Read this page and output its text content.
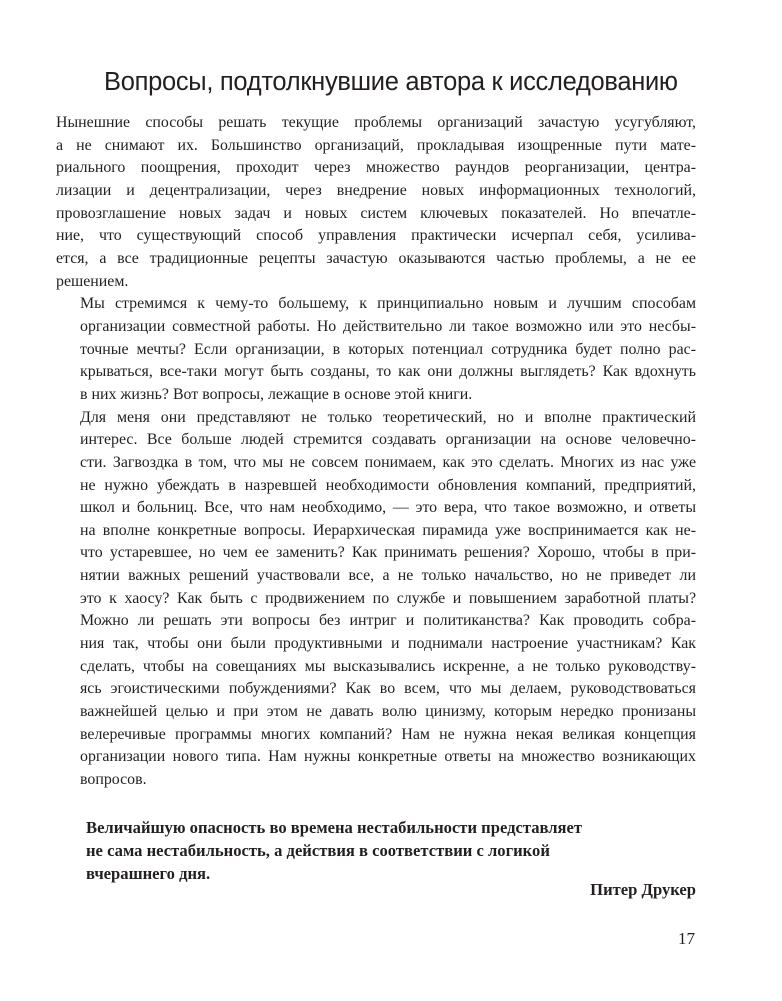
Вопросы, подтолкнувшие автора к исследованию

Нынешние способы решать текущие проблемы организаций зачастую усугубляют,
а не снимают их. Большинство организаций, прокладывая изощренные пути мате-
риального поощрения, проходит через множество раундов реорганизации, центра-
лизации и децентрализации, через внедрение новых информационных технологий,
провозглашение новых задач и новых систем ключевых показателей. Но впечатле-
ние, что существующий способ управления практически исчерпал себя, усилива-
ется, а все традиционные рецепты зачастую оказываются частью проблемы, а не ее
решением.

Мы стремимся к чему-то большему, к принципиально новым и лучшим способам
организации совместной работы. Но действительно ли такое возможно или это несбы-
точные мечты? Если организации, в которых потенциал сотрудника будет полно рас-
крываться, все-таки могут быть созданы, то как они должны выглядеть? Как вдохнуть
в них жизнь? Вот вопросы, лежащие в основе этой книги.

Для меня они представляют не только теоретический, но и вполне практический
интерес. Все больше людей стремится создавать организации на основе человечно-
сти. Загвоздка в том, что мы не совсем понимаем, как это сделать. Многих из нас уже
не нужно убеждать в назревшей необходимости обновления компаний, предприятий,
школ и больниц. Все, что нам необходимо, — это вера, что такое возможно, и ответы
на вполне конкретные вопросы. Иерархическая пирамида уже воспринимается как не-
что устаревшее, но чем ее заменить? Как принимать решения? Хорошо, чтобы в при-
нятии важных решений участвовали все, а не только начальство, но не приведет ли
это к хаосу? Как быть с продвижением по службе и повышением заработной платы?
Можно ли решать эти вопросы без интриг и политиканства? Как проводить собра-
ния так, чтобы они были продуктивными и поднимали настроение участникам? Как
сделать, чтобы на совещаниях мы высказывались искренне, а не только руководству-
ясь эгоистическими побуждениями? Как во всем, что мы делаем, руководствоваться
важнейшей целью и при этом не давать волю цинизму, которым нередко пронизаны
велеречивые программы многих компаний? Нам не нужна некая великая концепция
организации нового типа. Нам нужны конкретные ответы на множество возникающих
вопросов.

Величайшую опасность во времена нестабильности представляет
не сама нестабильность, а действия в соответствии с логикой
вчерашнего дня.
Питер Друкер
17
